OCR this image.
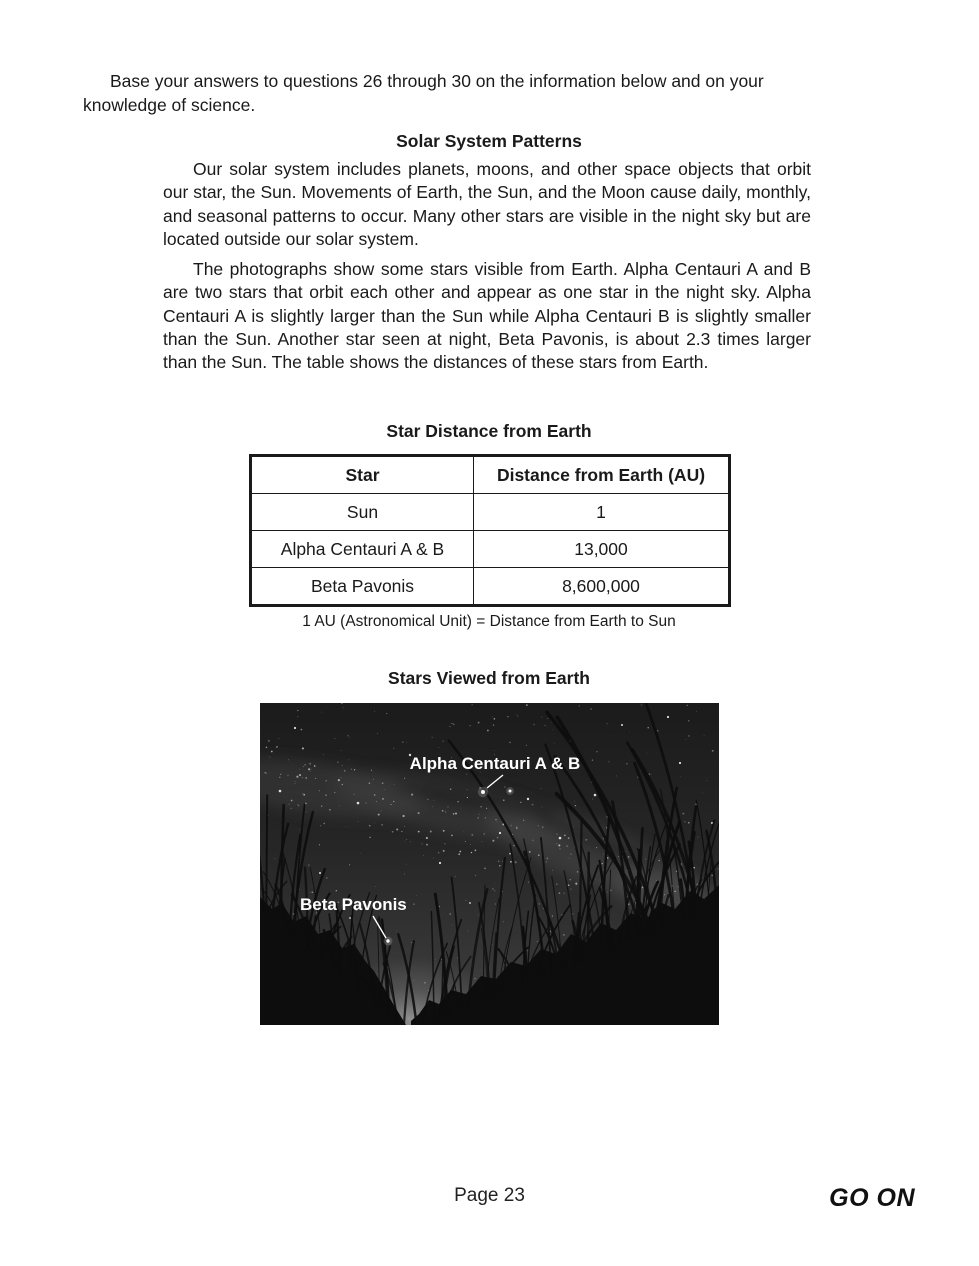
Base your answers to questions 26 through 30 on the information below and on your knowledge of science.

Solar System Patterns

Our solar system includes planets, moons, and other space objects that orbit our star, the Sun. Movements of Earth, the Sun, and the Moon cause daily, monthly, and seasonal patterns to occur. Many other stars are visible in the night sky but are located outside our solar system.

The photographs show some stars visible from Earth. Alpha Centauri A and B are two stars that orbit each other and appear as one star in the night sky. Alpha Centauri A is slightly larger than the Sun while Alpha Centauri B is slightly smaller than the Sun. Another star seen at night, Beta Pavonis, is about 2.3 times larger than the Sun. The table shows the distances of these stars from Earth.

Star Distance from Earth
Star	Distance from Earth (AU)
Sun	1
Alpha Centauri A & B	13,000
Beta Pavonis	8,600,000

1 AU (Astronomical Unit) = Distance from Earth to Sun

Stars Viewed from Earth
Alpha Centauri A & B
Beta Pavonis

Page 23	GO ON
